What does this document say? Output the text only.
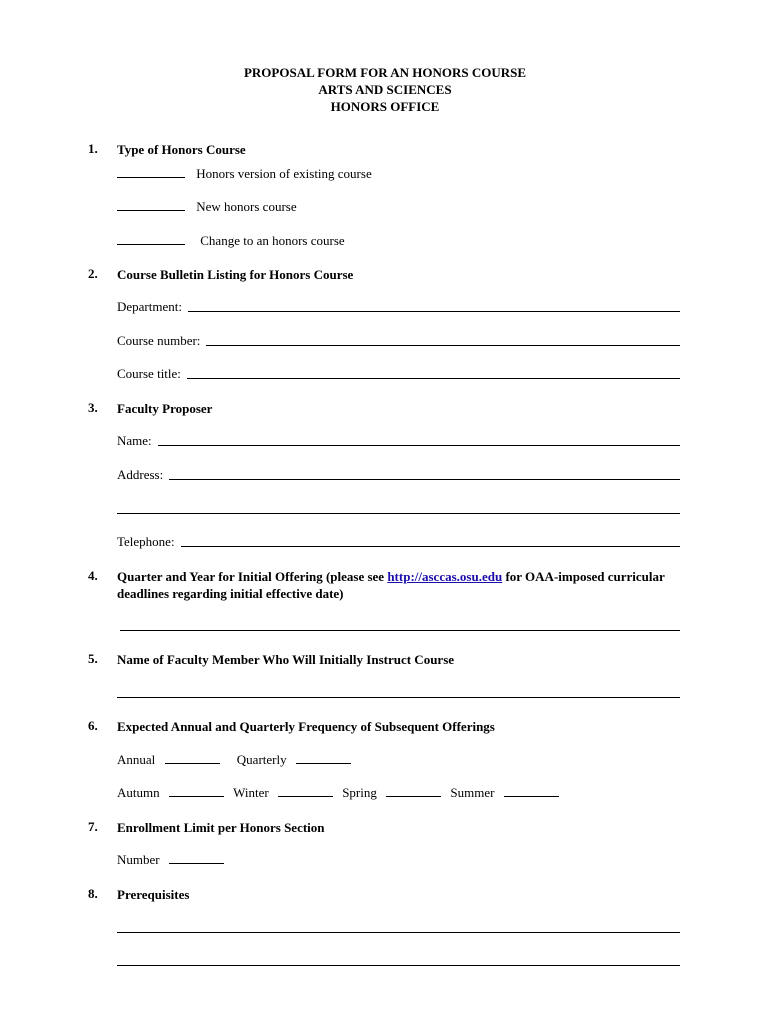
PROPOSAL FORM FOR AN HONORS COURSE
ARTS AND SCIENCES
HONORS OFFICE
1. Type of Honors Course
Honors version of existing course
New honors course
Change to an honors course
2. Course Bulletin Listing for Honors Course
Department:
Course number:
Course title:
3. Faculty Proposer
Name:
Address:
Telephone:
4. Quarter and Year for Initial Offering (please see http://asccas.osu.edu for OAA-imposed curricular deadlines regarding initial effective date)
5. Name of Faculty Member Who Will Initially Instruct Course
6. Expected Annual and Quarterly Frequency of Subsequent Offerings
Annual	Quarterly
Autumn	Winter	Spring	Summer
7. Enrollment Limit per Honors Section
Number
8. Prerequisites
